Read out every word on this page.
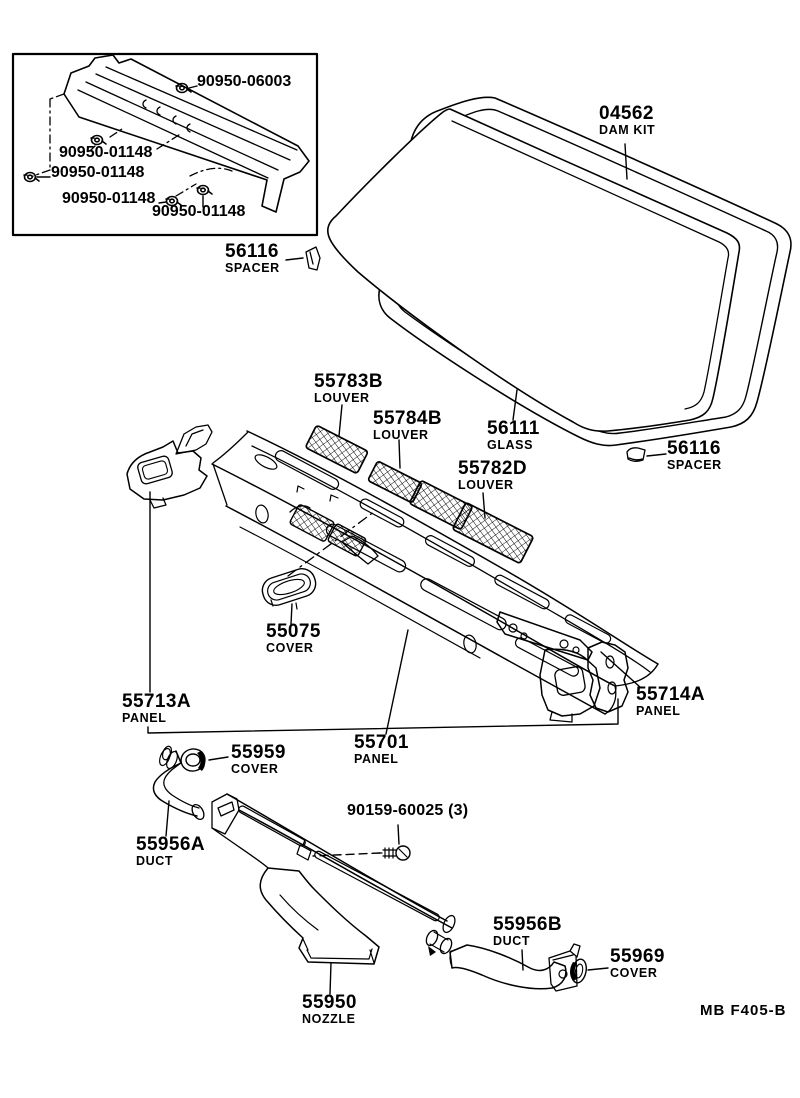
90950-06003
90950-01148
90950-01148
90950-01148
90950-01148
56116
SPACER
04562
DAM KIT
56111
GLASS	56116
SPACER
55783B
LOUVER
55784B
LOUVER
55782D
LOUVER
55075
COVER
55713A
PANEL
55714A
PANEL
55701
PANEL
55959
COVER
55956A
DUCT
90159-60025 (3)
55956B
DUCT
55969
COVER
55950
NOZZLE	MB F405-B
